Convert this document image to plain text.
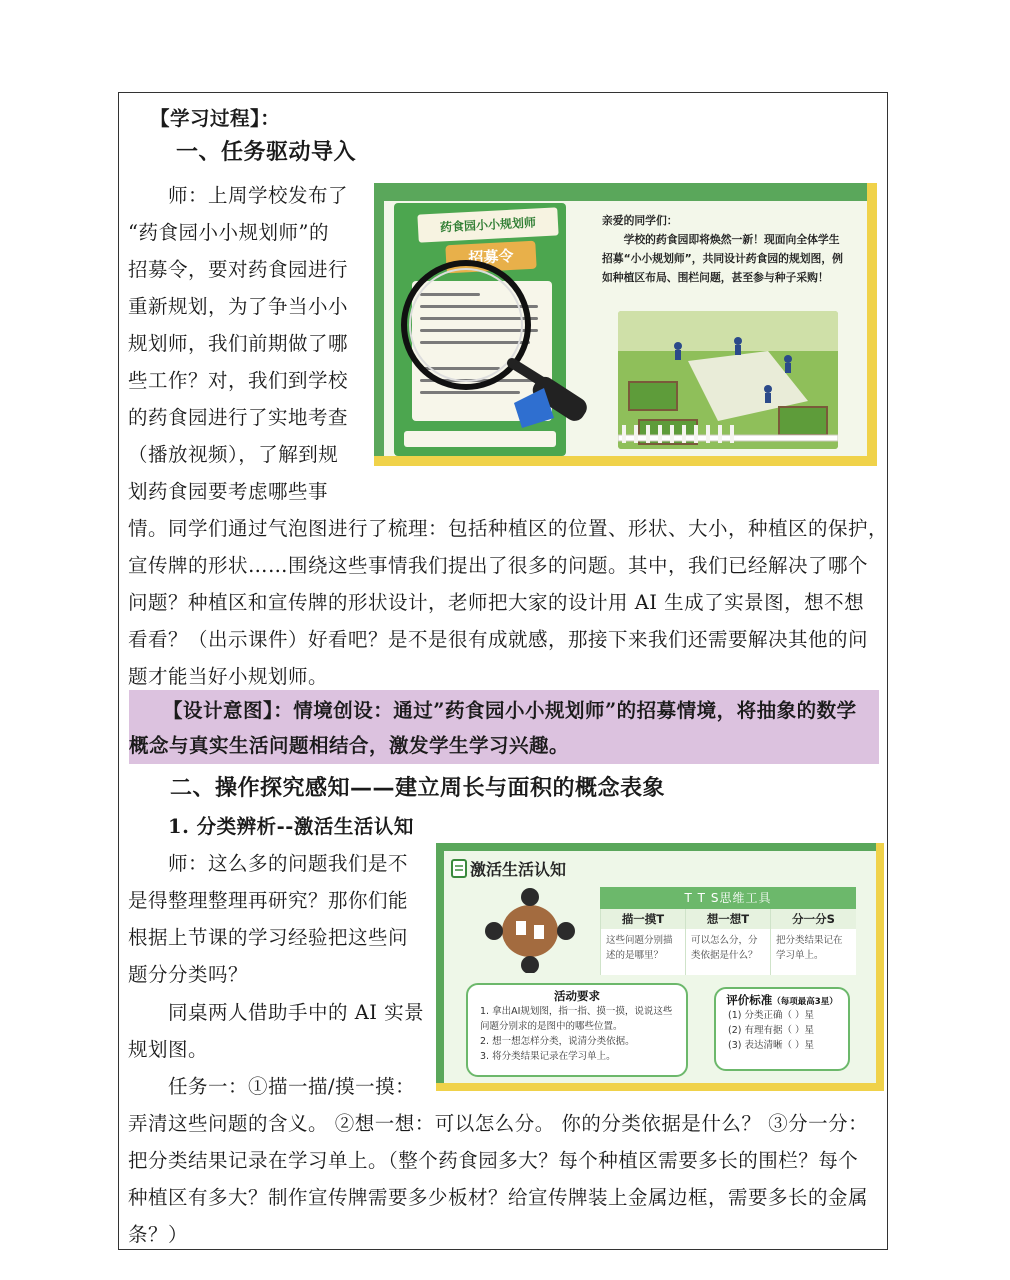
【学习过程】：
一、任务驱动导入
师：上周学校发布了
“药食园小小规划师”的
招募令，要对药食园进行
重新规划，为了争当小小
规划师，我们前期做了哪
些工作？对，我们到学校
的药食园进行了实地考查
（播放视频），了解到规
划药食园要考虑哪些事
情。同学们通过气泡图进行了梳理：包括种植区的位置、形状、大小，种植区的保护，
宣传牌的形状……围绕这些事情我们提出了很多的问题。其中，我们已经解决了哪个
问题？种植区和宣传牌的形状设计，老师把大家的设计用 AI 生成了实景图，想不想
看看？（出示课件）好看吧？是不是很有成就感，那接下来我们还需要解决其他的问
题才能当好小规划师。
药食园小小规划师
招募令
亲爱的同学们：
学校的药食园即将焕然一新！现面向全体学生招募“小小规划师”，共同设计药食园的规划图，例如种植区布局、围栏问题，甚至参与种子采购！
【设计意图】：情境创设：通过”药食园小小规划师”的招募情境，将抽象的数学
概念与真实生活问题相结合，激发学生学习兴趣。
二、操作探究感知——建立周长与面积的概念表象
1. 分类辨析--激活生活认知
师：这么多的问题我们是不
是得整理整理再研究？那你们能
根据上节课的学习经验把这些问
题分分类吗？
同桌两人借助手中的 AI 实景
规划图。
任务一：①描一描/摸一摸：
弄清这些问题的含义。 ②想一想：可以怎么分。 你的分类依据是什么？ ③分一分：
把分类结果记录在学习单上。（整个药食园多大？每个种植区需要多长的围栏？每个
种植区有多大？制作宣传牌需要多少板材？给宣传牌装上金属边框，需要多长的金属
条？）
激活生活认知
T T S思维工具
描一摸T
这些问题分别描述的是哪里？
想一想T
可以怎么分，分类依据是什么？
分一分S
把分类结果记在学习单上。
活动要求
1. 拿出AI规划图，指一指、摸一摸，说说这些问题分别求的是图中的哪些位置。
2. 想一想怎样分类，说清分类依据。
3. 将分类结果记录在学习单上。
评价标准（每项最高3星）
(1) 分类正确（ ）星
(2) 有理有据（ ）星
(3) 表达清晰（ ）星
